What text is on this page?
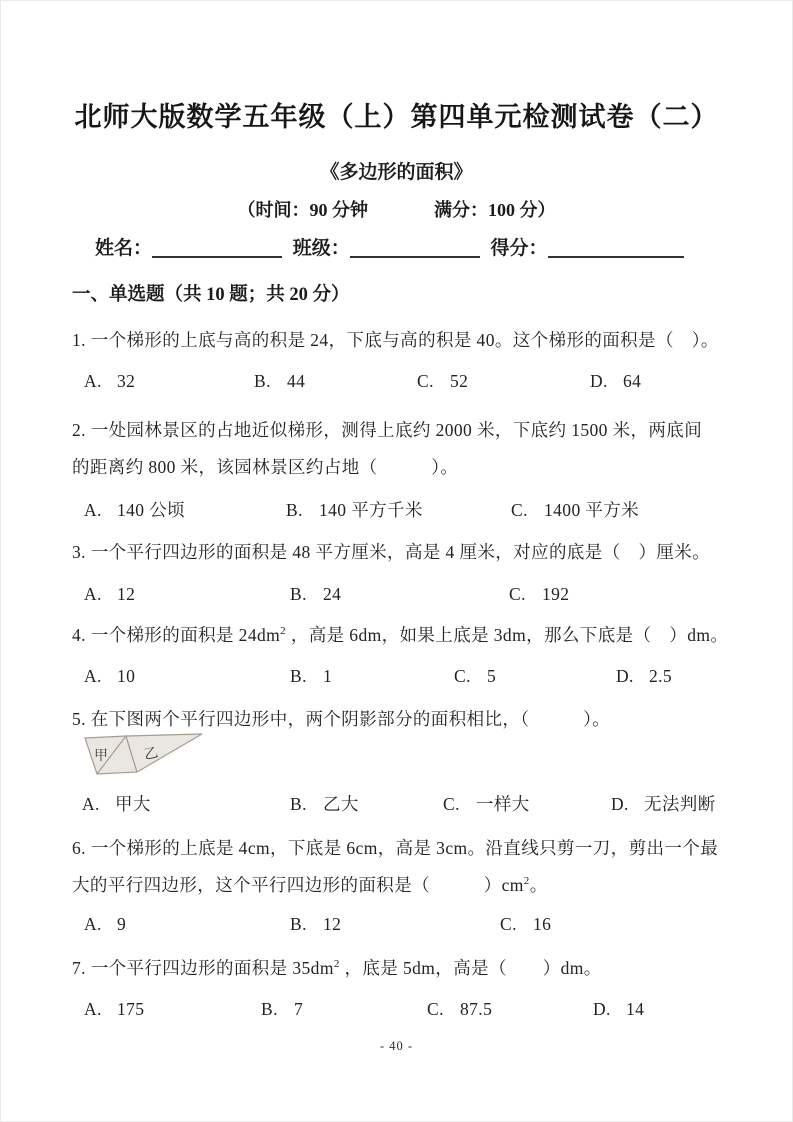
北师大版数学五年级（上）第四单元检测试卷（二）
《多边形的面积》
（时间：90 分钟	满分：100 分）
姓名：	班级：	得分：
一、单选题（共 10 题；共 20 分）
1. 一个梯形的上底与高的积是 24，下底与高的积是 40。这个梯形的面积是（　）。
A. 32	B. 44	C. 52	D. 64
2. 一处园林景区的占地近似梯形，测得上底约 2000 米，下底约 1500 米，两底间
的距离约 800 米，该园林景区约占地（　　　）。
A. 140 公顷	B. 140 平方千米	C. 1400 平方米
3. 一个平行四边形的面积是 48 平方厘米，高是 4 厘米，对应的底是（　）厘米。
A. 12	B. 24	C. 192
4. 一个梯形的面积是 $24dm^2$ ，高是 6dm，如果上底是 3dm，那么下底是（　）dm。
A. 10	B. 1	C. 5	D. 2.5
5. 在下图两个平行四边形中，两个阴影部分的面积相比，（　　　）。
甲 乙
A. 甲大	B. 乙大	C. 一样大	D. 无法判断
6. 一个梯形的上底是 4cm，下底是 6cm，高是 3cm。沿直线只剪一刀，剪出一个最
大的平行四边形，这个平行四边形的面积是（　　　）$cm^2$。
A. 9	B. 12	C. 16
7. 一个平行四边形的面积是 $35dm^2$ ，底是 5dm，高是（　　）dm。
A. 175	B. 7	C. 87.5	D. 14
- 40 -
